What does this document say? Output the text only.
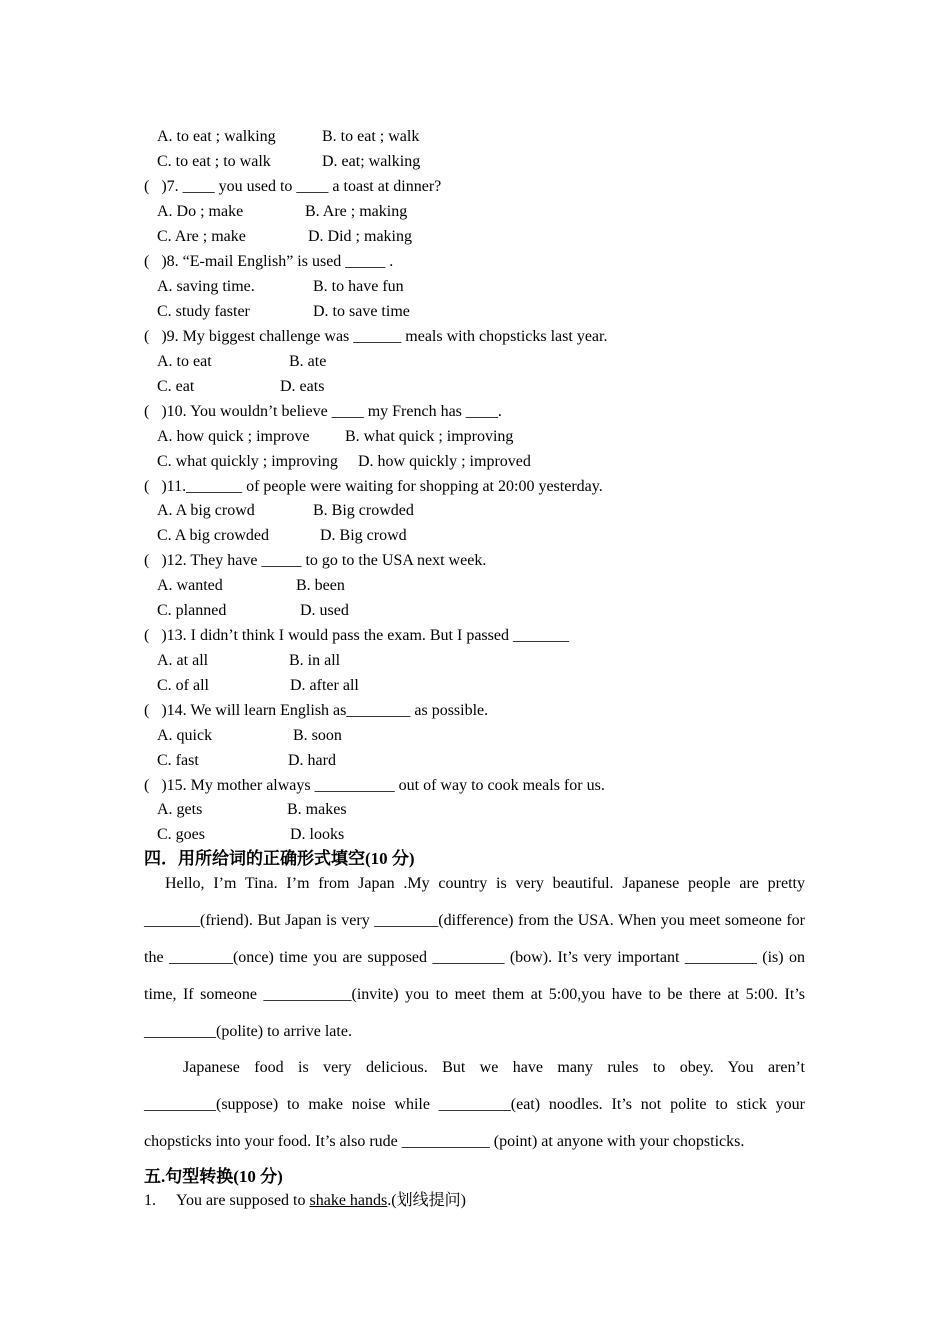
A. to eat ; walking	B. to eat ; walk
C. to eat ; to walk	D. eat; walking
(   )7. ____ you used to ____ a toast at dinner?
A. Do ; make	B. Are ; making
C. Are ; make	D. Did ; making
(   )8. “E-mail English” is used _____ .
A. saving time.	B. to have fun
C. study faster	D. to save time
(   )9. My biggest challenge was ______ meals with chopsticks last year.
A. to eat	B. ate
C. eat	D. eats
(   )10. You wouldn’t believe ____ my French has ____.
A. how quick ; improve B. what quick ; improving
C. what quickly ; improving D. how quickly ; improved
(   )11._______ of people were waiting for shopping at 20:00 yesterday.
A. A big crowd	B. Big crowded
C. A big crowded	D. Big crowd
(   )12. They have _____ to go to the USA next week.
A. wanted	B. been
C. planned	D. used
(   )13. I didn’t think I would pass the exam. But I passed _______
A. at all	B. in all
C. of all	D. after all
(   )14. We will learn English as________ as possible.
A. quick	B. soon
C. fast	D. hard
(   )15. My mother always __________ out of way to cook meals for us.
A. gets	B. makes
C. goes	D. looks
四．用所给词的正确形式填空(10 分)
Hello, I’m Tina. I’m from Japan .My country is very beautiful. Japanese people are pretty _______(friend). But Japan is very ________(difference) from the USA. When you meet someone for the ________(once) time you are supposed _________ (bow). It’s very important _________ (is) on time, If someone ___________(invite) you to meet them at 5:00,you have to be there at 5:00. It’s _________(polite) to arrive late.
Japanese food is very delicious. But we have many rules to obey. You aren’t _________(suppose) to make noise while _________(eat) noodles. It’s not polite to stick your chopsticks into your food. It’s also rude ___________ (point) at anyone with your chopsticks.
五.句型转换(10 分)
1. You are supposed to shake hands.(划线提问)
